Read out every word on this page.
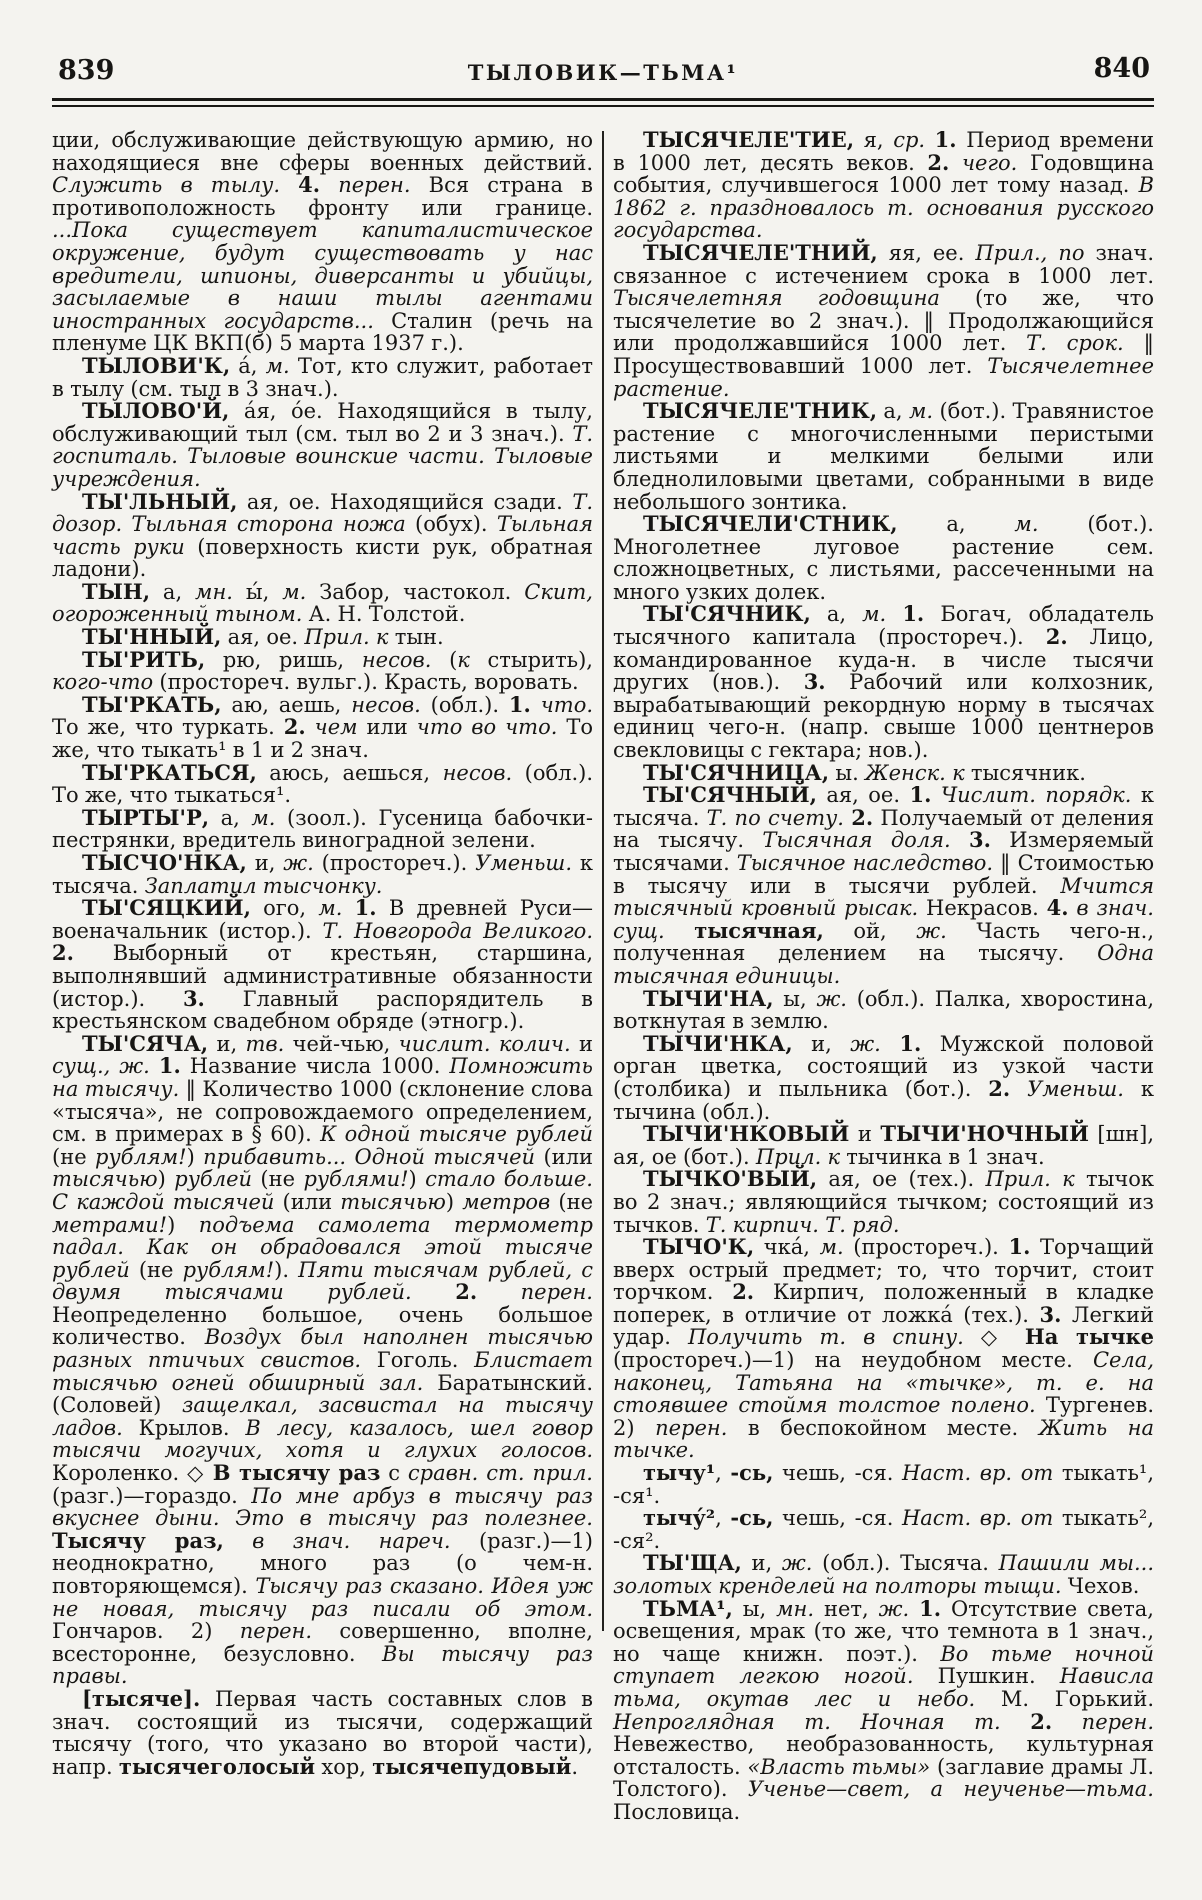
839	ТЫЛОВИК—ТЬМА¹	840

ции, обслуживающие действующую армию, но находящиеся вне сферы военных действий. Служить в тылу. 4. перен. Вся страна в противоположность фронту или границе. ...Пока существует капиталистическое окружение, будут существовать у нас вредители, шпионы, диверсанты и убийцы, засылаемые в наши тылы агентами иностранных государств... Сталин (речь на пленуме ЦК ВКП(б) 5 марта 1937 г.).

ТЫЛОВИ'К, а́, м. Тот, кто служит, работает в тылу (см. тыл в 3 знач.).

ТЫЛОВО'Й, а́я, о́е. Находящийся в тылу, обслуживающий тыл (см. тыл во 2 и 3 знач.). Т. госпиталь. Тыловые воинские части. Тыловые учреждения.

ТЫ'ЛЬНЫЙ, ая, ое. Находящийся сзади. Т. дозор. Тыльная сторона ножа (обух). Тыльная часть руки (поверхность кисти рук, обратная ладони).

ТЫН, а, мн. ы́, м. Забор, частокол. Скит, огороженный тыном. А. Н. Толстой.

ТЫ'ННЫЙ, ая, ое. Прил. к тын.

ТЫ'РИТЬ, рю, ришь, несов. (к стырить), кого-что (простореч. вульг.). Красть, воровать.

ТЫ'РКАТЬ, аю, аешь, несов. (обл.). 1. что. То же, что туркать. 2. чем или что во что. То же, что тыкать¹ в 1 и 2 знач.

ТЫ'РКАТЬСЯ, аюсь, аешься, несов. (обл.). То же, что тыкаться¹.

ТЫРТЫ'Р, а, м. (зоол.). Гусеница бабочки-пестрянки, вредитель виноградной зелени.

ТЫСЧО'НКА, и, ж. (простореч.). Уменьш. к тысяча. Заплатил тысчонку.

ТЫ'СЯЦКИЙ, ого, м. 1. В древней Руси—военачальник (истор.). Т. Новгорода Великого. 2. Выборный от крестьян, старшина, выполнявший административные обязанности (истор.). 3. Главный распорядитель в крестьянском свадебном обряде (этногр.).

ТЫ'СЯЧА, и, тв. чей-чью, числит. колич. и сущ., ж. 1. Название числа 1000. Помножить на тысячу. ‖ Количество 1000 (склонение слова «тысяча», не сопровождаемого определением, см. в примерах в § 60). К одной тысяче рублей (не рублям!) прибавить... Одной тысячей (или тысячью) рублей (не рублями!) стало больше. С каждой тысячей (или тысячью) метров (не метрами!) подъема самолета термометр падал. Как он обрадовался этой тысяче рублей (не рублям!). Пяти тысячам рублей, с двумя тысячами рублей. 2. перен. Неопределенно большое, очень большое количество. Воздух был наполнен тысячью разных птичьих свистов. Гоголь. Блистает тысячью огней обширный зал. Баратынский. (Соловей) защелкал, засвистал на тысячу ладов. Крылов. В лесу, казалось, шел говор тысячи могучих, хотя и глухих голосов. Короленко. ◇ В тысячу раз с сравн. ст. прил. (разг.)—гораздо. По мне арбуз в тысячу раз вкуснее дыни. Это в тысячу раз полезнее. Тысячу раз, в знач. нареч. (разг.)—1) неоднократно, много раз (о чем-н. повторяющемся). Тысячу раз сказано. Идея уж не новая, тысячу раз писали об этом. Гончаров. 2) перен. совершенно, вполне, всесторонне, безусловно. Вы тысячу раз правы.

[тысяче]. Первая часть составных слов в знач. состоящий из тысячи, содержащий тысячу (того, что указано во второй части), напр. тысячеголосый хор, тысячепудовый.

ТЫСЯЧЕЛЕ'ТИЕ, я, ср. 1. Период времени в 1000 лет, десять веков. 2. чего. Годовщина события, случившегося 1000 лет тому назад. В 1862 г. праздновалось т. основания русского государства.

ТЫСЯЧЕЛЕ'ТНИЙ, яя, ее. Прил., по знач. связанное с истечением срока в 1000 лет. Тысячелетняя годовщина (то же, что тысячелетие во 2 знач.). ‖ Продолжающийся или продолжавшийся 1000 лет. Т. срок. ‖ Просуществовавший 1000 лет. Тысячелетнее растение.

ТЫСЯЧЕЛЕ'ТНИК, а, м. (бот.). Травянистое растение с многочисленными перистыми листьями и мелкими белыми или бледнолиловыми цветами, собранными в виде небольшого зонтика.

ТЫСЯЧЕЛИ'СТНИК, а, м. (бот.). Многолетнее луговое растение сем. сложноцветных, с листьями, рассеченными на много узких долек.

ТЫ'СЯЧНИК, а, м. 1. Богач, обладатель тысячного капитала (простореч.). 2. Лицо, командированное куда-н. в числе тысячи других (нов.). 3. Рабочий или колхозник, вырабатывающий рекордную норму в тысячах единиц чего-н. (напр. свыше 1000 центнеров свекловицы с гектара; нов.).

ТЫ'СЯЧНИЦА, ы. Женск. к тысячник.

ТЫ'СЯЧНЫЙ, ая, ое. 1. Числит. порядк. к тысяча. Т. по счету. 2. Получаемый от деления на тысячу. Тысячная доля. 3. Измеряемый тысячами. Тысячное наследство. ‖ Стоимостью в тысячу или в тысячи рублей. Мчится тысячный кровный рысак. Некрасов. 4. в знач. сущ. тысячная, ой, ж. Часть чего-н., полученная делением на тысячу. Одна тысячная единицы.

ТЫЧИ'НА, ы, ж. (обл.). Палка, хворостина, воткнутая в землю.

ТЫЧИ'НКА, и, ж. 1. Мужской половой орган цветка, состоящий из узкой части (столбика) и пыльника (бот.). 2. Уменьш. к тычина (обл.).

ТЫЧИ'НКОВЫЙ и ТЫЧИ'НОЧНЫЙ [шн], ая, ое (бот.). Прил. к тычинка в 1 знач.

ТЫЧКО'ВЫЙ, ая, ое (тех.). Прил. к тычок во 2 знач.; являющийся тычком; состоящий из тычков. Т. кирпич. Т. ряд.

ТЫЧО'К, чка́, м. (простореч.). 1. Торчащий вверх острый предмет; то, что торчит, стоит торчком. 2. Кирпич, положенный в кладке поперек, в отличие от ложка́ (тех.). 3. Легкий удар. Получить т. в спину. ◇ На тычке (простореч.)—1) на неудобном месте. Села, наконец, Татьяна на «тычке», т. е. на стоявшее стоймя толстое полено. Тургенев. 2) перен. в беспокойном месте. Жить на тычке.

тычу¹, -сь, чешь, -ся. Наст. вр. от тыкать¹, -ся¹.

тычу́², -сь, чешь, -ся. Наст. вр. от тыкать², -ся².

ТЫ'ЩА, и, ж. (обл.). Тысяча. Пашили мы... золотых кренделей на полторы тыщи. Чехов.

ТЬМА¹, ы, мн. нет, ж. 1. Отсутствие света, освещения, мрак (то же, что темнота в 1 знач., но чаще книжн. поэт.). Во тьме ночной ступает легкою ногой. Пушкин. Нависла тьма, окутав лес и небо. М. Горький. Непроглядная т. Ночная т. 2. перен. Невежество, необразованность, культурная отсталость. «Власть тьмы» (заглавие драмы Л. Толстого). Ученье—свет, а неученье—тьма. Пословица.
